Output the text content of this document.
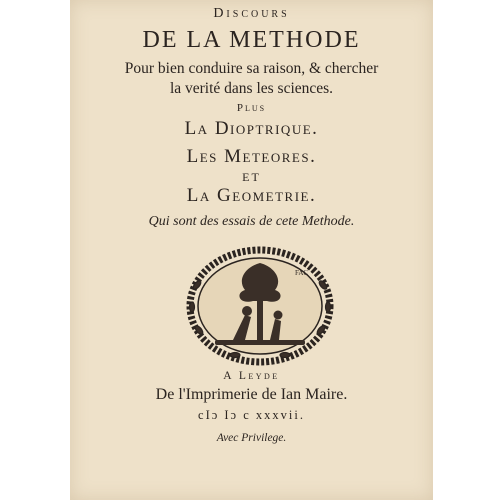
Discours
DE LA METHODE
Pour bien conduire sa raison, & chercher
la verité dans les sciences.
Plus
La Dioptrique.
Les Meteores.
ET
La Geometrie.
Qui sont des essais de cete Methode.
FAC
A Leyde
De l'Imprimerie de Ian Maire.
cIɔ Iɔ c xxxvii.
Avec Privilege.
